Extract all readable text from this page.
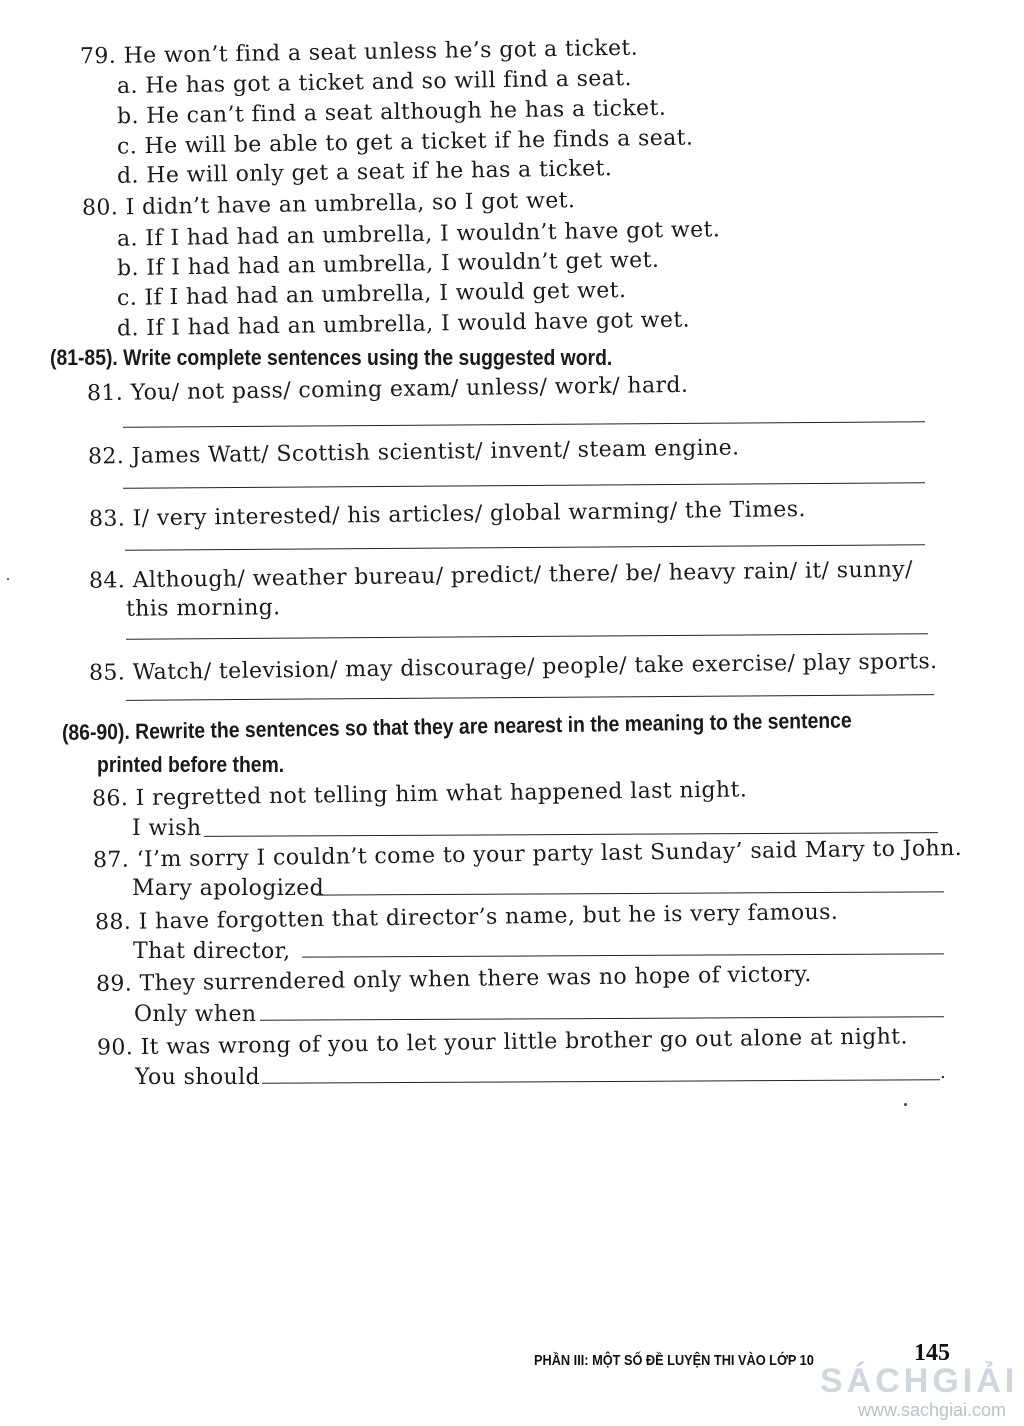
79. He won’t find a seat unless he’s got a ticket.
a. He has got a ticket and so will find a seat.
b. He can’t find a seat although he has a ticket.
c. He will be able to get a ticket if he finds a seat.
d. He will only get a seat if he has a ticket.
80. I didn’t have an umbrella, so I got wet.
a. If I had had an umbrella, I wouldn’t have got wet.
b. If I had had an umbrella, I wouldn’t get wet.
c. If I had had an umbrella, I would get wet.
d. If I had had an umbrella, I would have got wet.
(81-85). Write complete sentences using the suggested word.
81. You/ not pass/ coming exam/ unless/ work/ hard.
82. James Watt/ Scottish scientist/ invent/ steam engine.
83. I/ very interested/ his articles/ global warming/ the Times.
84. Although/ weather bureau/ predict/ there/ be/ heavy rain/ it/ sunny/
this morning.
85. Watch/ television/ may discourage/ people/ take exercise/ play sports.
(86-90). Rewrite the sentences so that they are nearest in the meaning to the sentence
printed before them.
86. I regretted not telling him what happened last night.
I wish
87. ‘I’m sorry I couldn’t come to your party last Sunday’ said Mary to John.
Mary apologized
88. I have forgotten that director’s name, but he is very famous.
That director,
89. They surrendered only when there was no hope of victory.
Only when
90. It was wrong of you to let your little brother go out alone at night.
You should	.
PHẦN III: MỘT SỐ ĐỀ LUYỆN THI VÀO LỚP 10	145
SÁCHGIẢI
www.sachgiai.com
